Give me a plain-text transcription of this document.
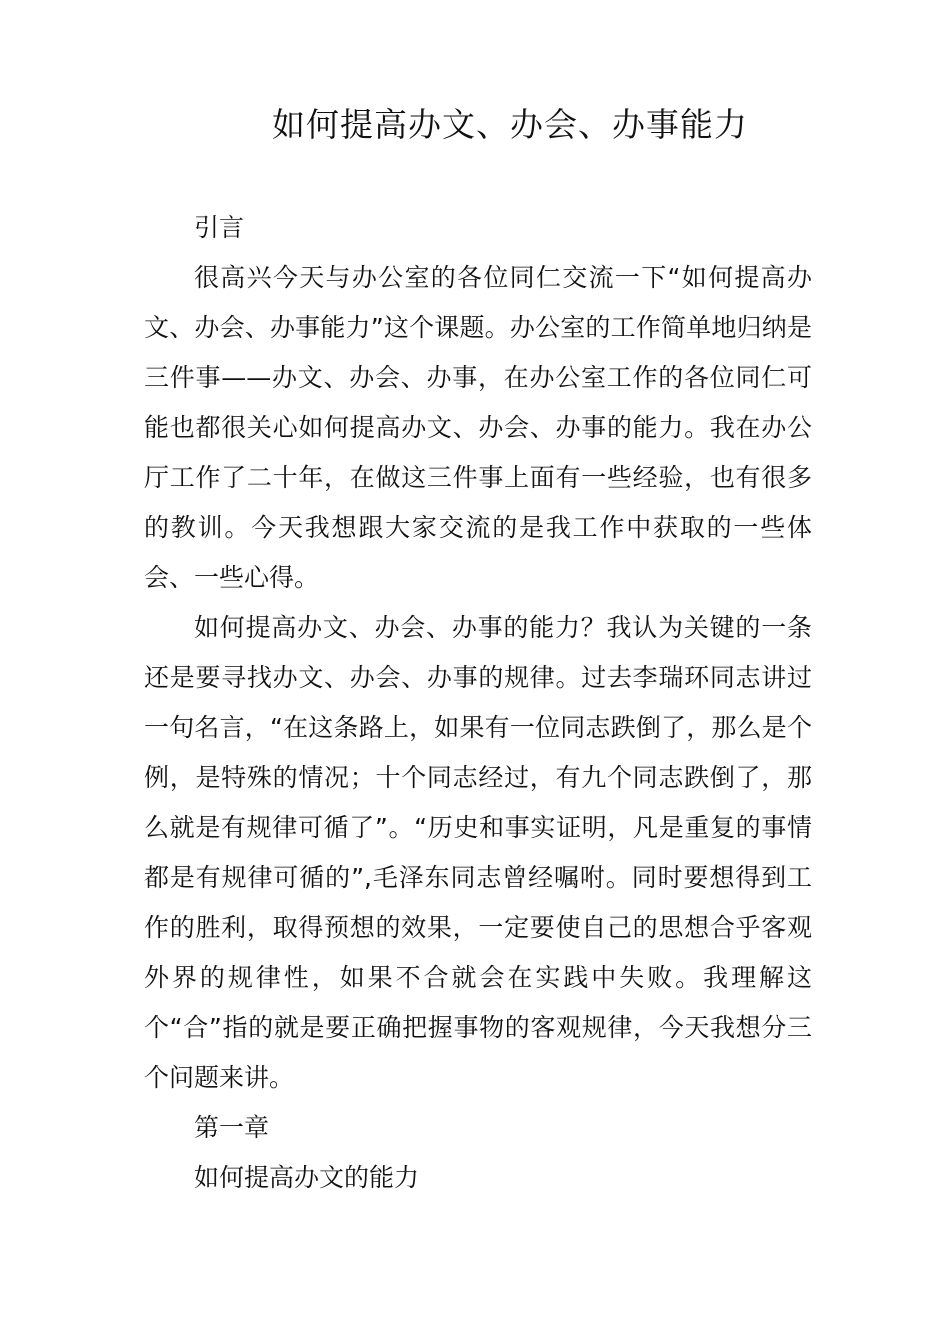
如何提高办文、办会、办事能力

引言

很高兴今天与办公室的各位同仁交流一下“如何提高办文、办会、办事能力”这个课题。办公室的工作简单地归纳是三件事——办文、办会、办事，在办公室工作的各位同仁可能也都很关心如何提高办文、办会、办事的能力。我在办公厅工作了二十年，在做这三件事上面有一些经验，也有很多的教训。今天我想跟大家交流的是我工作中获取的一些体会、一些心得。

如何提高办文、办会、办事的能力？我认为关键的一条还是要寻找办文、办会、办事的规律。过去李瑞环同志讲过一句名言，“在这条路上，如果有一位同志跌倒了，那么是个例，是特殊的情况；十个同志经过，有九个同志跌倒了，那么就是有规律可循了”。“历史和事实证明，凡是重复的事情都是有规律可循的”,毛泽东同志曾经嘱咐。同时要想得到工作的胜利，取得预想的效果，一定要使自己的思想合乎客观外界的规律性，如果不合就会在实践中失败。我理解这个“合”指的就是要正确把握事物的客观规律，今天我想分三个问题来讲。

第一章

如何提高办文的能力
